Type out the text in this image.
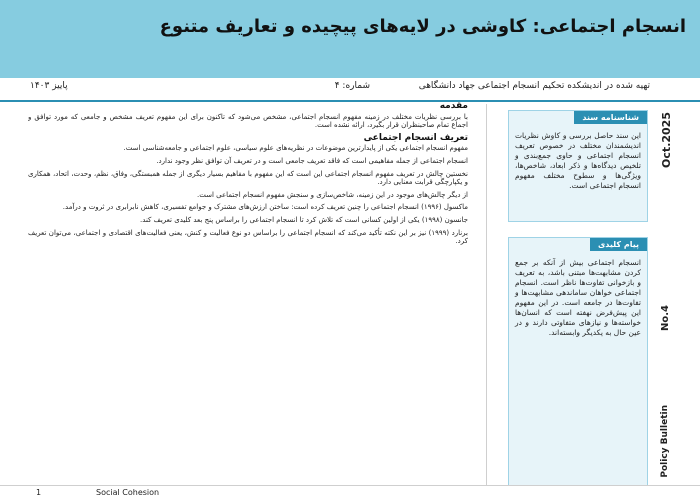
انسجام اجتماعی: کاوشی در لایه‌های پیچیده و تعاریف متنوع
تهیه شده در اندیشکده تحکیم انسجام اجتماعی جهاد دانشگاهی
شماره: ۴
پاییز ۱۴۰۳
مقدمه

با بررسی نظریات مختلف در زمینه مفهوم انسجام اجتماعی، مشخص می‌شود که تاکنون برای این مفهوم تعریف مشخص و جامعی که مورد توافق و اجماع تمام صاحبنظران قرار بگیرد، ارائه نشده است.

تعریف انسجام اجتماعی

مفهوم انسجام اجتماعی یکی از پایدارترین موضوعات در نظریه‌های علوم سیاسی، علوم اجتماعی و جامعه‌شناسی است.

انسجام اجتماعی از جمله مفاهیمی است که فاقد تعریف جامعی است و در تعریف آن توافق نظر وجود ندارد.

نخستین چالش در تعریف مفهوم انسجام اجتماعی این است که این مفهوم با مفاهیم بسیار دیگری از جمله همبستگی، وفاق، نظم، وحدت، اتحاد، همکاری و یکپارچگی قرابت معنایی دارد.

از دیگر چالش‌های موجود در این زمینه، شاخص‌سازی و سنجش مفهوم انسجام اجتماعی است.

ماکسول (۱۹۹۶) انسجام اجتماعی را چنین تعریف کرده است: ساختن ارزش‌های مشترک و جوامع تفسیری، کاهش نابرابری در ثروت و درآمد.

جانسون (۱۹۹۸) یکی از اولین کسانی است که تلاش کرد تا انسجام اجتماعی را براساس پنج بعد کلیدی تعریف کند.

برنارد (۱۹۹۹) نیز بر این نکته تأکید می‌کند که انسجام اجتماعی را براساس دو نوع فعالیت و کنش، یعنی فعالیت‌های اقتصادی و اجتماعی، می‌توان تعریف کرد.

شناسنامه سند
این سند حاصل بررسی و کاوش نظریات اندیشمندان مختلف در خصوص تعریف انسجام اجتماعی و حاوی جمع‌بندی و تلخیص دیدگاه‌ها و ذکر ابعاد، شاخص‌ها، ویژگی‌ها و سطوح مختلف مفهوم انسجام اجتماعی است.
پیام کلیدی
انسجام اجتماعی بیش از آنکه بر جمع کردن مشابهت‌ها مبتنی باشد، به تعریف و بازخوانی تفاوت‌ها ناظر است. انسجام اجتماعی خواهان ساماندهی مشابهت‌ها و تفاوت‌ها در جامعه است. در این مفهوم این پیش‌فرض نهفته است که انسان‌ها خواسته‌ها و نیازهای متفاوتی دارند و در عین حال به یکدیگر وابسته‌اند.
Oct.2025
No.4
Policy Bulletin
1	Social Cohesion
